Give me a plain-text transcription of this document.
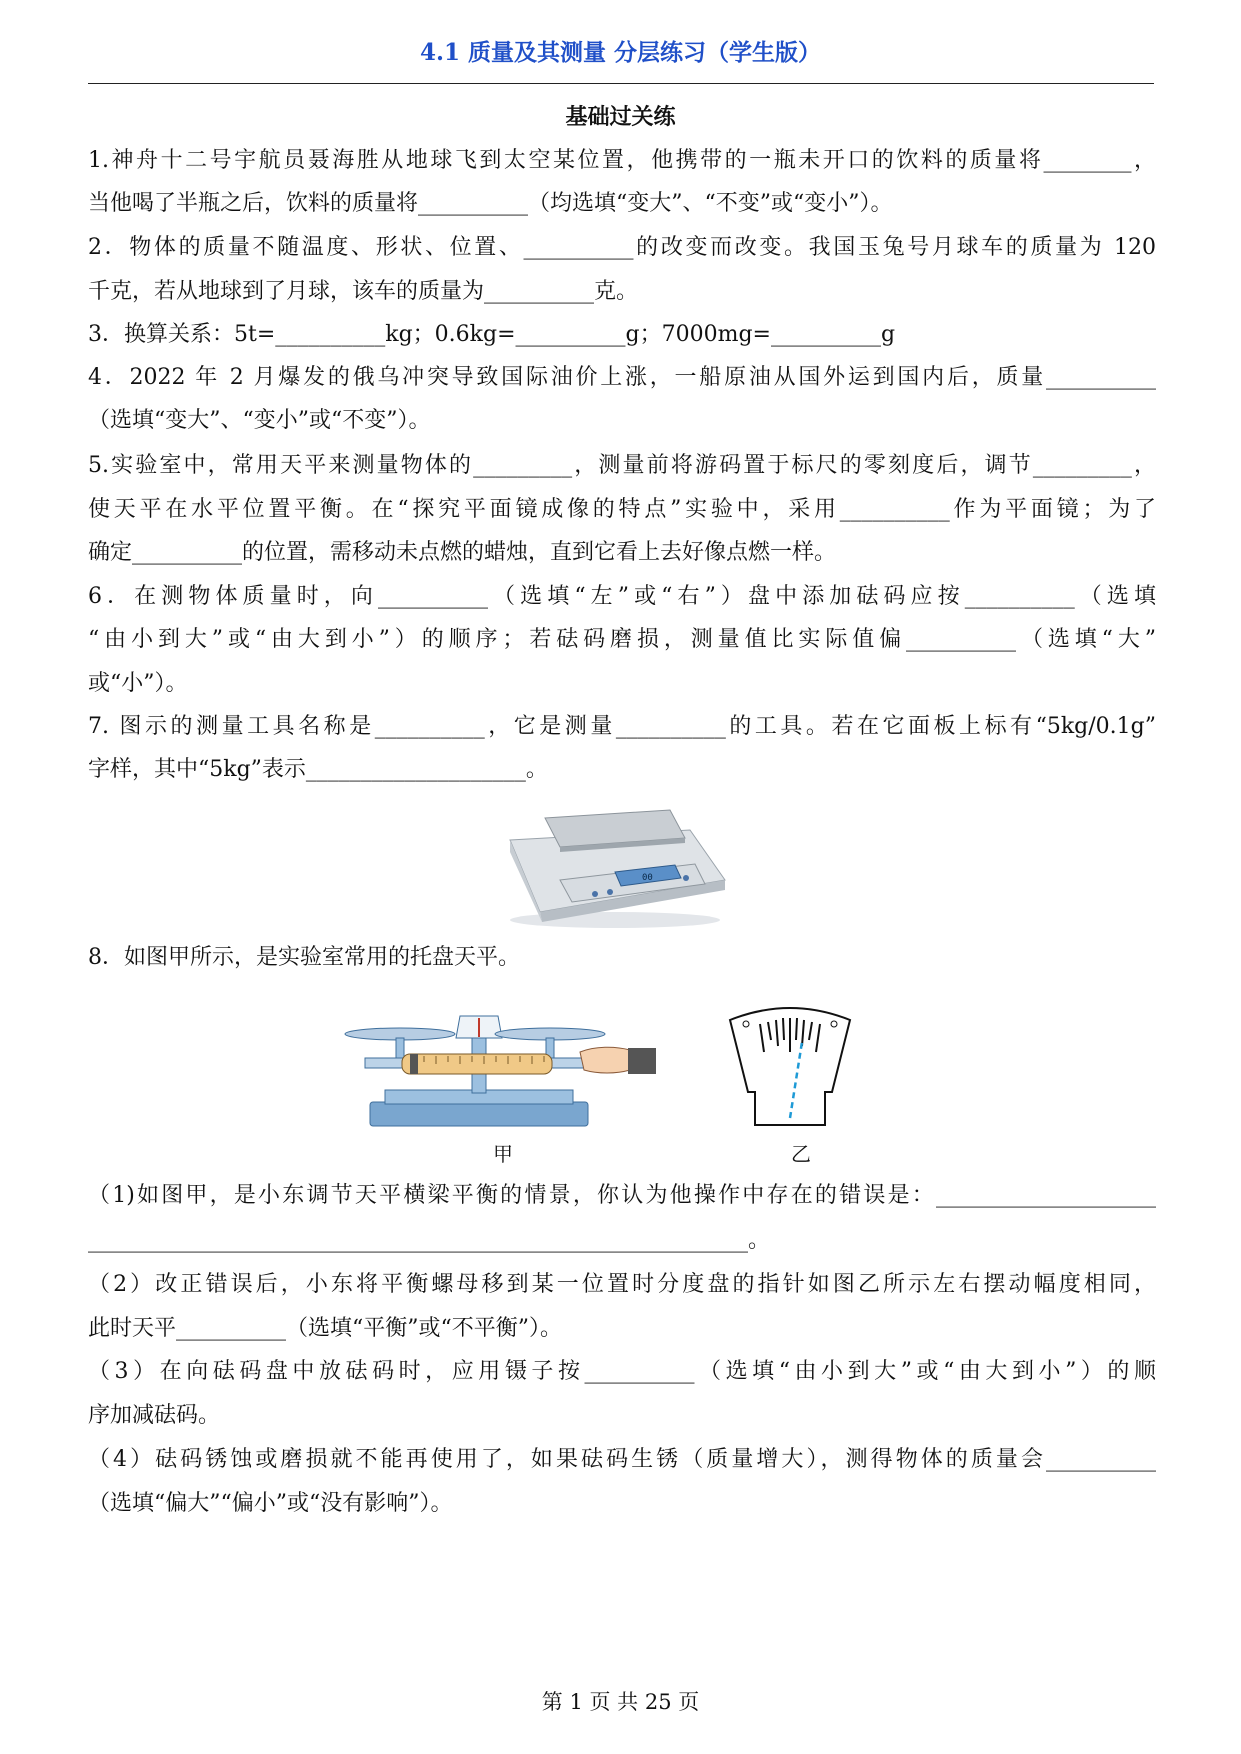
4.1 质量及其测量 分层练习（学生版）
基础过关练
1.神舟十二号宇航员聂海胜从地球飞到太空某位置，他携带的一瓶未开口的饮料的质量将________，
当他喝了半瓶之后，饮料的质量将__________（均选填“变大”、“不变”或“变小”）。
2．物体的质量不随温度、形状、位置、__________的改变而改变。我国玉兔号月球车的质量为 120
千克，若从地球到了月球，该车的质量为__________克。
3．换算关系：5t=__________kg；0.6kg=__________g；7000mg=__________g
4．2022 年 2 月爆发的俄乌冲突导致国际油价上涨，一船原油从国外运到国内后，质量__________
（选填“变大”、“变小”或“不变”）。
5.实验室中，常用天平来测量物体的_________，测量前将游码置于标尺的零刻度后，调节_________，
使天平在水平位置平衡。在“探究平面镜成像的特点”实验中，采用__________作为平面镜；为了
确定__________的位置，需移动未点燃的蜡烛，直到它看上去好像点燃一样。
6．在测物体质量时，向__________（选填“左”或“右”）盘中添加砝码应按__________（选填
“由小到大”或“由大到小”）的顺序；若砝码磨损，测量值比实际值偏__________（选填“大”
或“小”）。
7. 图示的测量工具名称是__________，它是测量__________的工具。若在它面板上标有“5kg/0.1g”
字样，其中“5kg”表示____________________。
00
8．如图甲所示，是实验室常用的托盘天平。
甲	乙
（1)如图甲，是小东调节天平横梁平衡的情景，你认为他操作中存在的错误是：____________________
____________________________________________________________。
（2）改正错误后，小东将平衡螺母移到某一位置时分度盘的指针如图乙所示左右摆动幅度相同，
此时天平__________（选填“平衡”或“不平衡”）。
（3）在向砝码盘中放砝码时，应用镊子按__________（选填“由小到大”或“由大到小”）的顺
序加减砝码。
（4）砝码锈蚀或磨损就不能再使用了，如果砝码生锈（质量增大），测得物体的质量会__________
（选填“偏大”“偏小”或“没有影响”）。
第 1 页 共 25 页
